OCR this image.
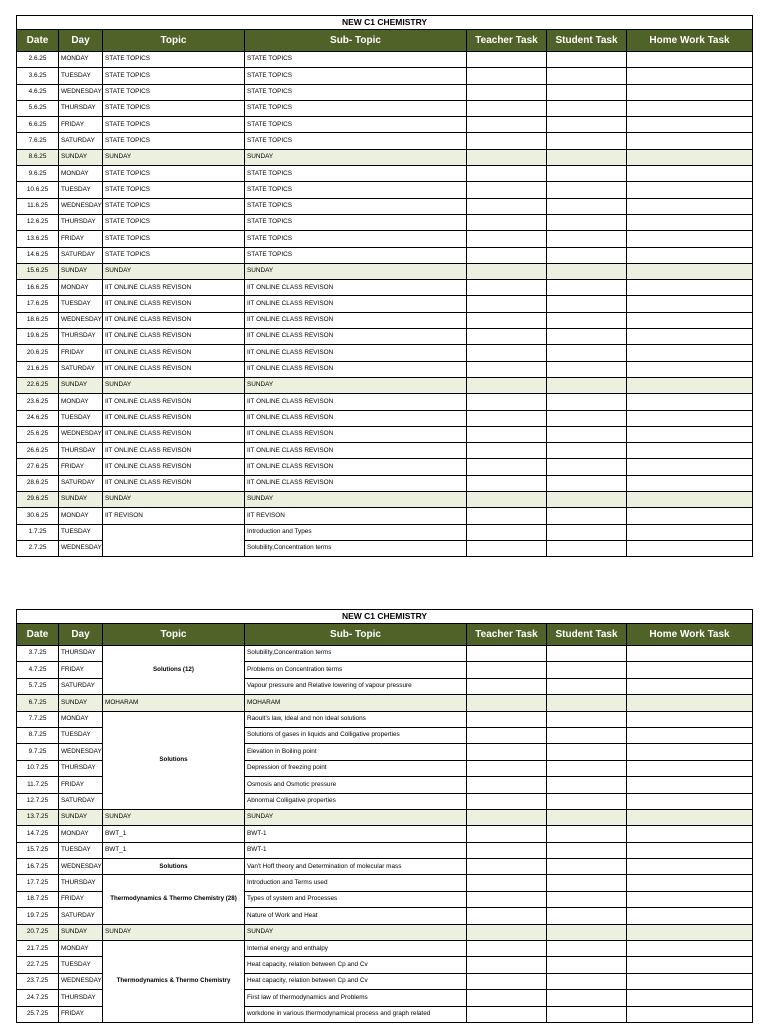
NEW C1 CHEMISTRY						
Date	Day	Topic	Sub- Topic	Teacher Task	Student Task	Home Work Task
2.6.25	MONDAY	STATE TOPICS	STATE TOPICS			
3.6.25	TUESDAY	STATE TOPICS	STATE TOPICS			
4.6.25	WEDNESDAY	STATE TOPICS	STATE TOPICS			
5.6.25	THURSDAY	STATE TOPICS	STATE TOPICS			
6.6.25	FRIDAY	STATE TOPICS	STATE TOPICS			
7.6.25	SATURDAY	STATE TOPICS	STATE TOPICS			
8.6.25	SUNDAY	SUNDAY	SUNDAY			
9.6.25	MONDAY	STATE TOPICS	STATE TOPICS			
10.6.25	TUESDAY	STATE TOPICS	STATE TOPICS			
11.6.25	WEDNESDAY	STATE TOPICS	STATE TOPICS			
12.6.25	THURSDAY	STATE TOPICS	STATE TOPICS			
13.6.25	FRIDAY	STATE TOPICS	STATE TOPICS			
14.6.25	SATURDAY	STATE TOPICS	STATE TOPICS			
15.6.25	SUNDAY	SUNDAY	SUNDAY			
16.6.25	MONDAY	IIT ONLINE CLASS REVISON	IIT ONLINE CLASS REVISON			
17.6.25	TUESDAY	IIT ONLINE CLASS REVISON	IIT ONLINE CLASS REVISON			
18.6.25	WEDNESDAY	IIT ONLINE CLASS REVISON	IIT ONLINE CLASS REVISON			
19.6.25	THURSDAY	IIT ONLINE CLASS REVISON	IIT ONLINE CLASS REVISON			
20.6.25	FRIDAY	IIT ONLINE CLASS REVISON	IIT ONLINE CLASS REVISON			
21.6.25	SATURDAY	IIT ONLINE CLASS REVISON	IIT ONLINE CLASS REVISON			
22.6.25	SUNDAY	SUNDAY	SUNDAY			
23.6.25	MONDAY	IIT ONLINE CLASS REVISON	IIT ONLINE CLASS REVISON			
24.6.25	TUESDAY	IIT ONLINE CLASS REVISON	IIT ONLINE CLASS REVISON			
25.6.25	WEDNESDAY	IIT ONLINE CLASS REVISON	IIT ONLINE CLASS REVISON			
26.6.25	THURSDAY	IIT ONLINE CLASS REVISON	IIT ONLINE CLASS REVISON			
27.6.25	FRIDAY	IIT ONLINE CLASS REVISON	IIT ONLINE CLASS REVISON			
28.6.25	SATURDAY	IIT ONLINE CLASS REVISON	IIT ONLINE CLASS REVISON			
29.6.25	SUNDAY	SUNDAY	SUNDAY			
30.6.25	MONDAY	IIT REVISON	IIT REVISON			
1.7.25	TUESDAY		Introduction and Types			
2.7.25	WEDNESDAY		Solubility,Concentration terms			
NEW C1 CHEMISTRY						
Date	Day	Topic	Sub- Topic	Teacher Task	Student Task	Home Work Task
3.7.25	THURSDAY	Solutions (12)	Solubility,Concentration terms			
4.7.25	FRIDAY		Problems on Concentration terms			
5.7.25	SATURDAY		Vapour pressure and Relative lowering of vapour pressure			
6.7.25	SUNDAY	MOHARAM	MOHARAM			
7.7.25	MONDAY	Solutions	Raoult's law, Ideal and non Ideal solutions			
8.7.25	TUESDAY		Solutions of gases in liquids and Colligative properties			
9.7.25	WEDNESDAY		Elevation in Boiling point			
10.7.25	THURSDAY		Depression of freezing point			
11.7.25	FRIDAY		Osmosis and Osmotic pressure			
12.7.25	SATURDAY		Abnormal Colligative properties			
13.7.25	SUNDAY	SUNDAY	SUNDAY			
14.7.25	MONDAY	BWT_1	BWT-1			
15.7.25	TUESDAY	BWT_1	BWT-1			
16.7.25	WEDNESDAY	Solutions	Van't Hoff theory and Determination of molecular mass			
17.7.25	THURSDAY	Thermodynamics & Thermo Chemistry (28)	Introduction and Terms used			
18.7.25	FRIDAY		Types of system and Processes			
19.7.25	SATURDAY		Nature of Work and Heat			
20.7.25	SUNDAY	SUNDAY	SUNDAY			
21.7.25	MONDAY	Thermodynamics & Thermo Chemistry	Internal energy and enthalpy			
22.7.25	TUESDAY		Heat capacity, relation between Cp and Cv			
23.7.25	WEDNESDAY		Heat capacity, relation between Cp and Cv			
24.7.25	THURSDAY		First law of thermodynamics and Problems			
25.7.25	FRIDAY		workdone in various thermodynamical process and graph related			
